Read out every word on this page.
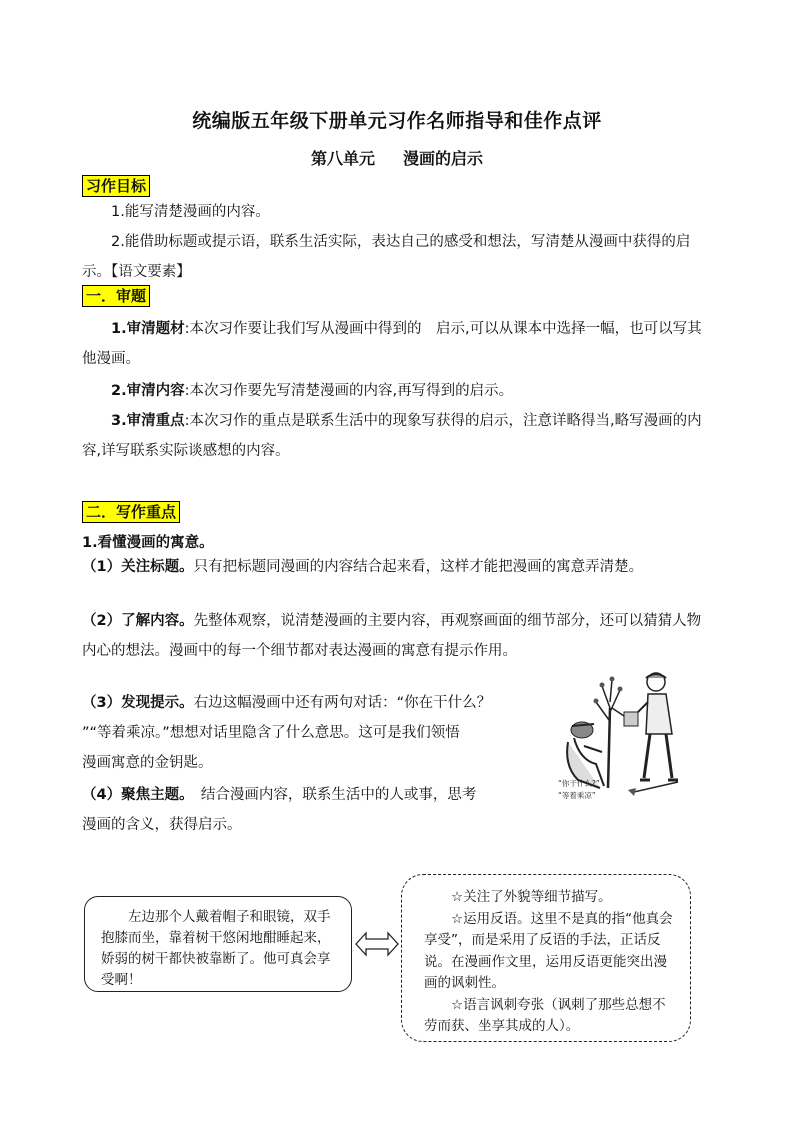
统编版五年级下册单元习作名师指导和佳作点评
第八单元 漫画的启示
习作目标
1.能写清楚漫画的内容。
2.能借助标题或提示语，联系生活实际，表达自己的感受和想法，写清楚从漫画中获得的启示。【语文要素】
一．审题
1.审清题材:本次习作要让我们写从漫画中得到的　启示,可以从课本中选择一幅，也可以写其他漫画。
2.审清内容:本次习作要先写清楚漫画的内容,再写得到的启示。
3.审清重点:本次习作的重点是联系生活中的现象写获得的启示，注意详略得当,略写漫画的内容,详写联系实际谈感想的内容。
二．写作重点
1.看懂漫画的寓意。
（1）关注标题。只有把标题同漫画的内容结合起来看，这样才能把漫画的寓意弄清楚。
（2）了解内容。先整体观察，说清楚漫画的主要内容，再观察画面的细节部分，还可以猜猜人物内心的想法。漫画中的每一个细节都对表达漫画的寓意有提示作用。
（3）发现提示。右边这幅漫画中还有两句对话：“你在干什么？
”“等着乘凉。”想想对话里隐含了什么意思。这可是我们领悟
漫画寓意的金钥匙。
（4）聚焦主题。　结合漫画内容，联系生活中的人或事，思考
漫画的含义，获得启示。
“你干什么?”
“等着乘凉”
左边那个人戴着帽子和眼镜，双手抱膝而坐，靠着树干悠闲地酣睡起来，娇弱的树干都快被靠断了。他可真会享受啊！
☆关注了外貌等细节描写。
☆运用反语。这里不是真的指“他真会享受”，而是采用了反语的手法，正话反说。在漫画作文里，运用反语更能突出漫画的讽刺性。
☆语言讽刺夸张（讽刺了那些总想不劳而获、坐享其成的人）。
